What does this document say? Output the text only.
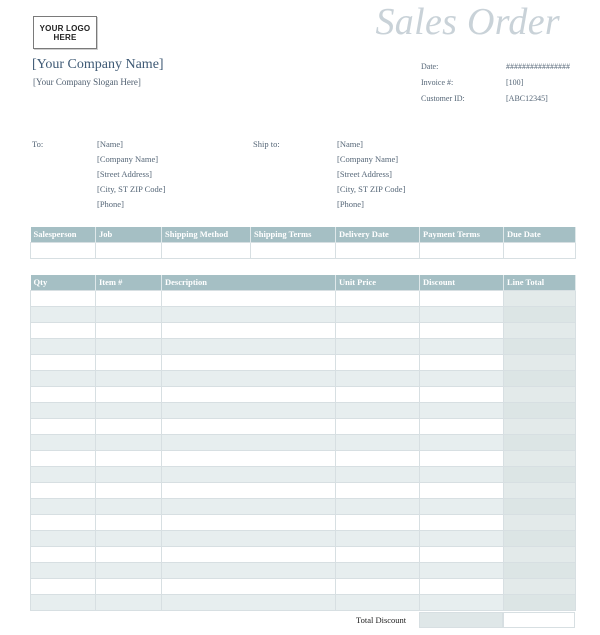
YOUR LOGO HERE	Sales Order
[Your Company Name]
[Your Company Slogan Here]
Date:	################
Invoice #:	[100]
Customer ID:	[ABC12345]
To:	[Name]
[Company Name]
[Street Address]
[City, ST ZIP Code]
[Phone]
Ship to:	[Name]
[Company Name]
[Street Address]
[City, ST ZIP Code]
[Phone]
Salesperson	Job	Shipping Method	Shipping Terms	Delivery Date	Payment Terms	Due Date

Qty	Item #	Description	Unit Price	Discount	Line Total

Total Discount
